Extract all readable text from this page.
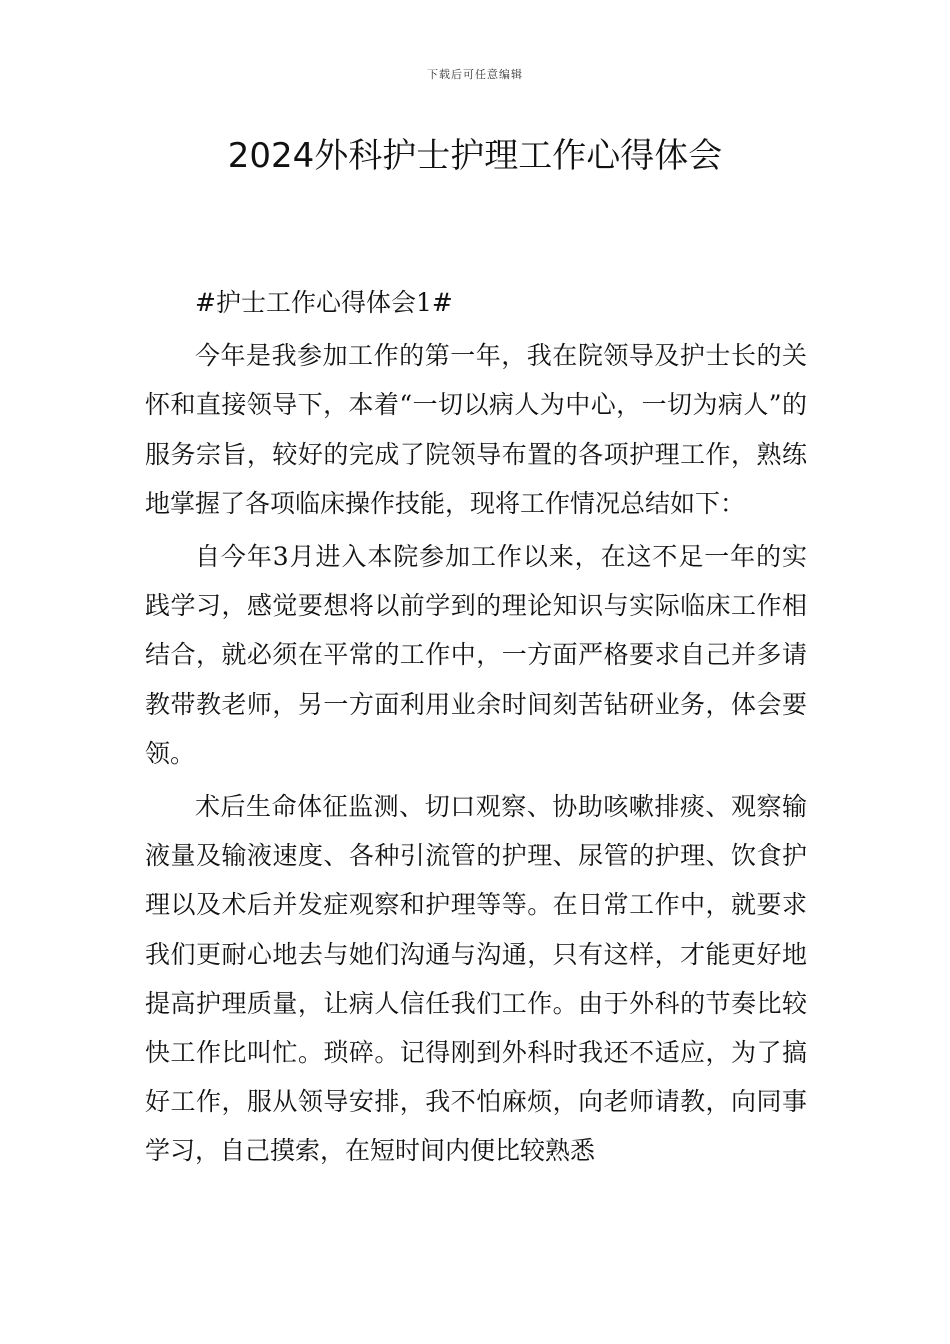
下载后可任意编辑
2024外科护士护理工作心得体会

#护士工作心得体会1#

今年是我参加工作的第一年，我在院领导及护士长的关怀和直接领导下，本着“一切以病人为中心，一切为病人”的服务宗旨，较好的完成了院领导布置的各项护理工作，熟练地掌握了各项临床操作技能，现将工作情况总结如下：

自今年3月进入本院参加工作以来，在这不足一年的实践学习，感觉要想将以前学到的理论知识与实际临床工作相结合，就必须在平常的工作中，一方面严格要求自己并多请教带教老师，另一方面利用业余时间刻苦钻研业务，体会要领。

术后生命体征监测、切口观察、协助咳嗽排痰、观察输液量及输液速度、各种引流管的护理、尿管的护理、饮食护理以及术后并发症观察和护理等等。在日常工作中，就要求我们更耐心地去与她们沟通与沟通，只有这样，才能更好地提高护理质量，让病人信任我们工作。由于外科的节奏比较快工作比叫忙。琐碎。记得刚到外科时我还不适应，为了搞好工作，服从领导安排，我不怕麻烦，向老师请教，向同事学习，自己摸索，在短时间内便比较熟悉
